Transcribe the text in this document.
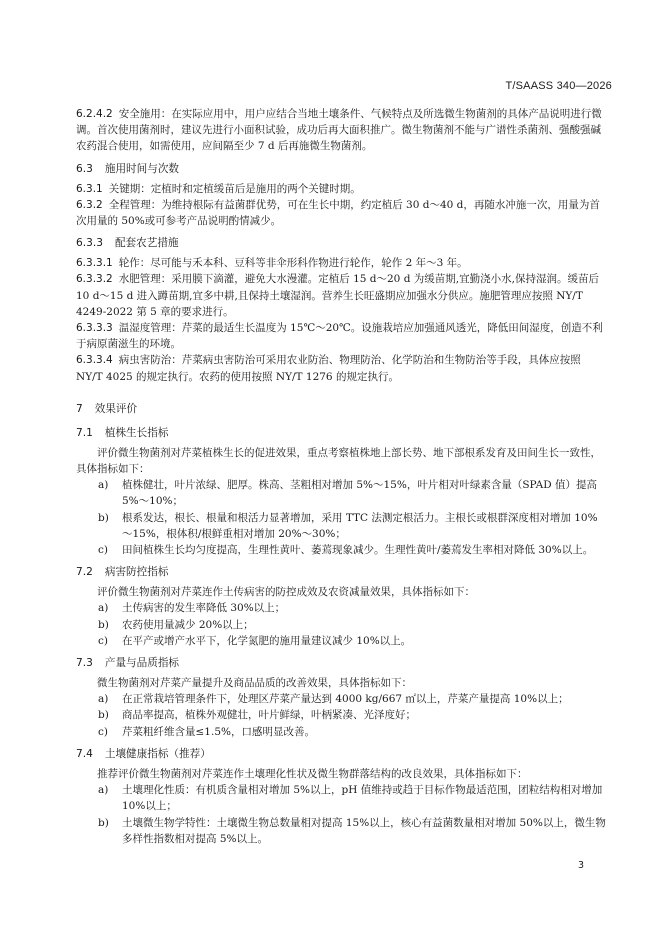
T/SAASS 340—2026

6.2.4.2 安全施用：在实际应用中，用户应结合当地土壤条件、气候特点及所选微生物菌剂的具体产品说明进行微调。首次使用菌剂时，建议先进行小面积试验，成功后再大面积推广。微生物菌剂不能与广谱性杀菌剂、强酸强碱农药混合使用，如需使用，应间隔至少 7 d 后再施微生物菌剂。

6.3 施用时间与次数

6.3.1 关键期：定植时和定植缓苗后是施用的两个关键时期。

6.3.2 全程管理：为维持根际有益菌群优势，可在生长中期，约定植后 30 d～40 d，再随水冲施一次，用量为首次用量的 50%或可参考产品说明酌情减少。

6.3.3 配套农艺措施

6.3.3.1 轮作：尽可能与禾本科、豆科等非伞形科作物进行轮作，轮作 2 年～3 年。

6.3.3.2 水肥管理：采用膜下滴灌，避免大水漫灌。定植后 15 d～20 d 为缓苗期,宜勤浇小水,保持湿润。缓苗后 10 d～15 d 进入蹲苗期,宜多中耕,且保持土壤湿润。营养生长旺盛期应加强水分供应。施肥管理应按照 NY/T 4249-2022 第 5 章的要求进行。

6.3.3.3 温湿度管理：芹菜的最适生长温度为 15℃～20℃。设施栽培应加强通风透光，降低田间湿度，创造不利于病原菌滋生的环境。

6.3.3.4 病虫害防治：芹菜病虫害防治可采用农业防治、物理防治、化学防治和生物防治等手段，具体应按照 NY/T 4025 的规定执行。农药的使用按照 NY/T 1276 的规定执行。

7 效果评价
7.1 植株生长指标

评价微生物菌剂对芹菜植株生长的促进效果，重点考察植株地上部长势、地下部根系发育及田间生长一致性，具体指标如下：

a) 植株健壮，叶片浓绿、肥厚。株高、茎粗相对增加 5%～15%，叶片相对叶绿素含量（SPAD 值）提高 5%～10%；

b) 根系发达，根长、根量和根活力显著增加，采用 TTC 法测定根活力。主根长或根群深度相对增加 10%～15%，根体积/根鲜重相对增加 20%～30%；

c) 田间植株生长均匀度提高，生理性黄叶、萎蔫现象减少。生理性黄叶/萎蔫发生率相对降低 30%以上。

7.2 病害防控指标

评价微生物菌剂对芹菜连作土传病害的防控成效及农资减量效果，具体指标如下：

a) 土传病害的发生率降低 30%以上；

b) 农药使用量减少 20%以上；

c) 在平产或增产水平下，化学氮肥的施用量建议减少 10%以上。

7.3 产量与品质指标

微生物菌剂对芹菜产量提升及商品品质的改善效果，具体指标如下：

a) 在正常栽培管理条件下，处理区芹菜产量达到 4000 kg/667 ㎡以上，芹菜产量提高 10%以上；

b) 商品率提高，植株外观健壮，叶片鲜绿，叶柄紧凑、光泽度好；

c) 芹菜粗纤维含量≤1.5%，口感明显改善。

7.4 土壤健康指标（推荐）

推荐评价微生物菌剂对芹菜连作土壤理化性状及微生物群落结构的改良效果，具体指标如下：

a) 土壤理化性质：有机质含量相对增加 5%以上，pH 值维持或趋于目标作物最适范围，团粒结构相对增加 10%以上；

b) 土壤微生物学特性：土壤微生物总数量相对提高 15%以上，核心有益菌数量相对增加 50%以上，微生物多样性指数相对提高 5%以上。

3
